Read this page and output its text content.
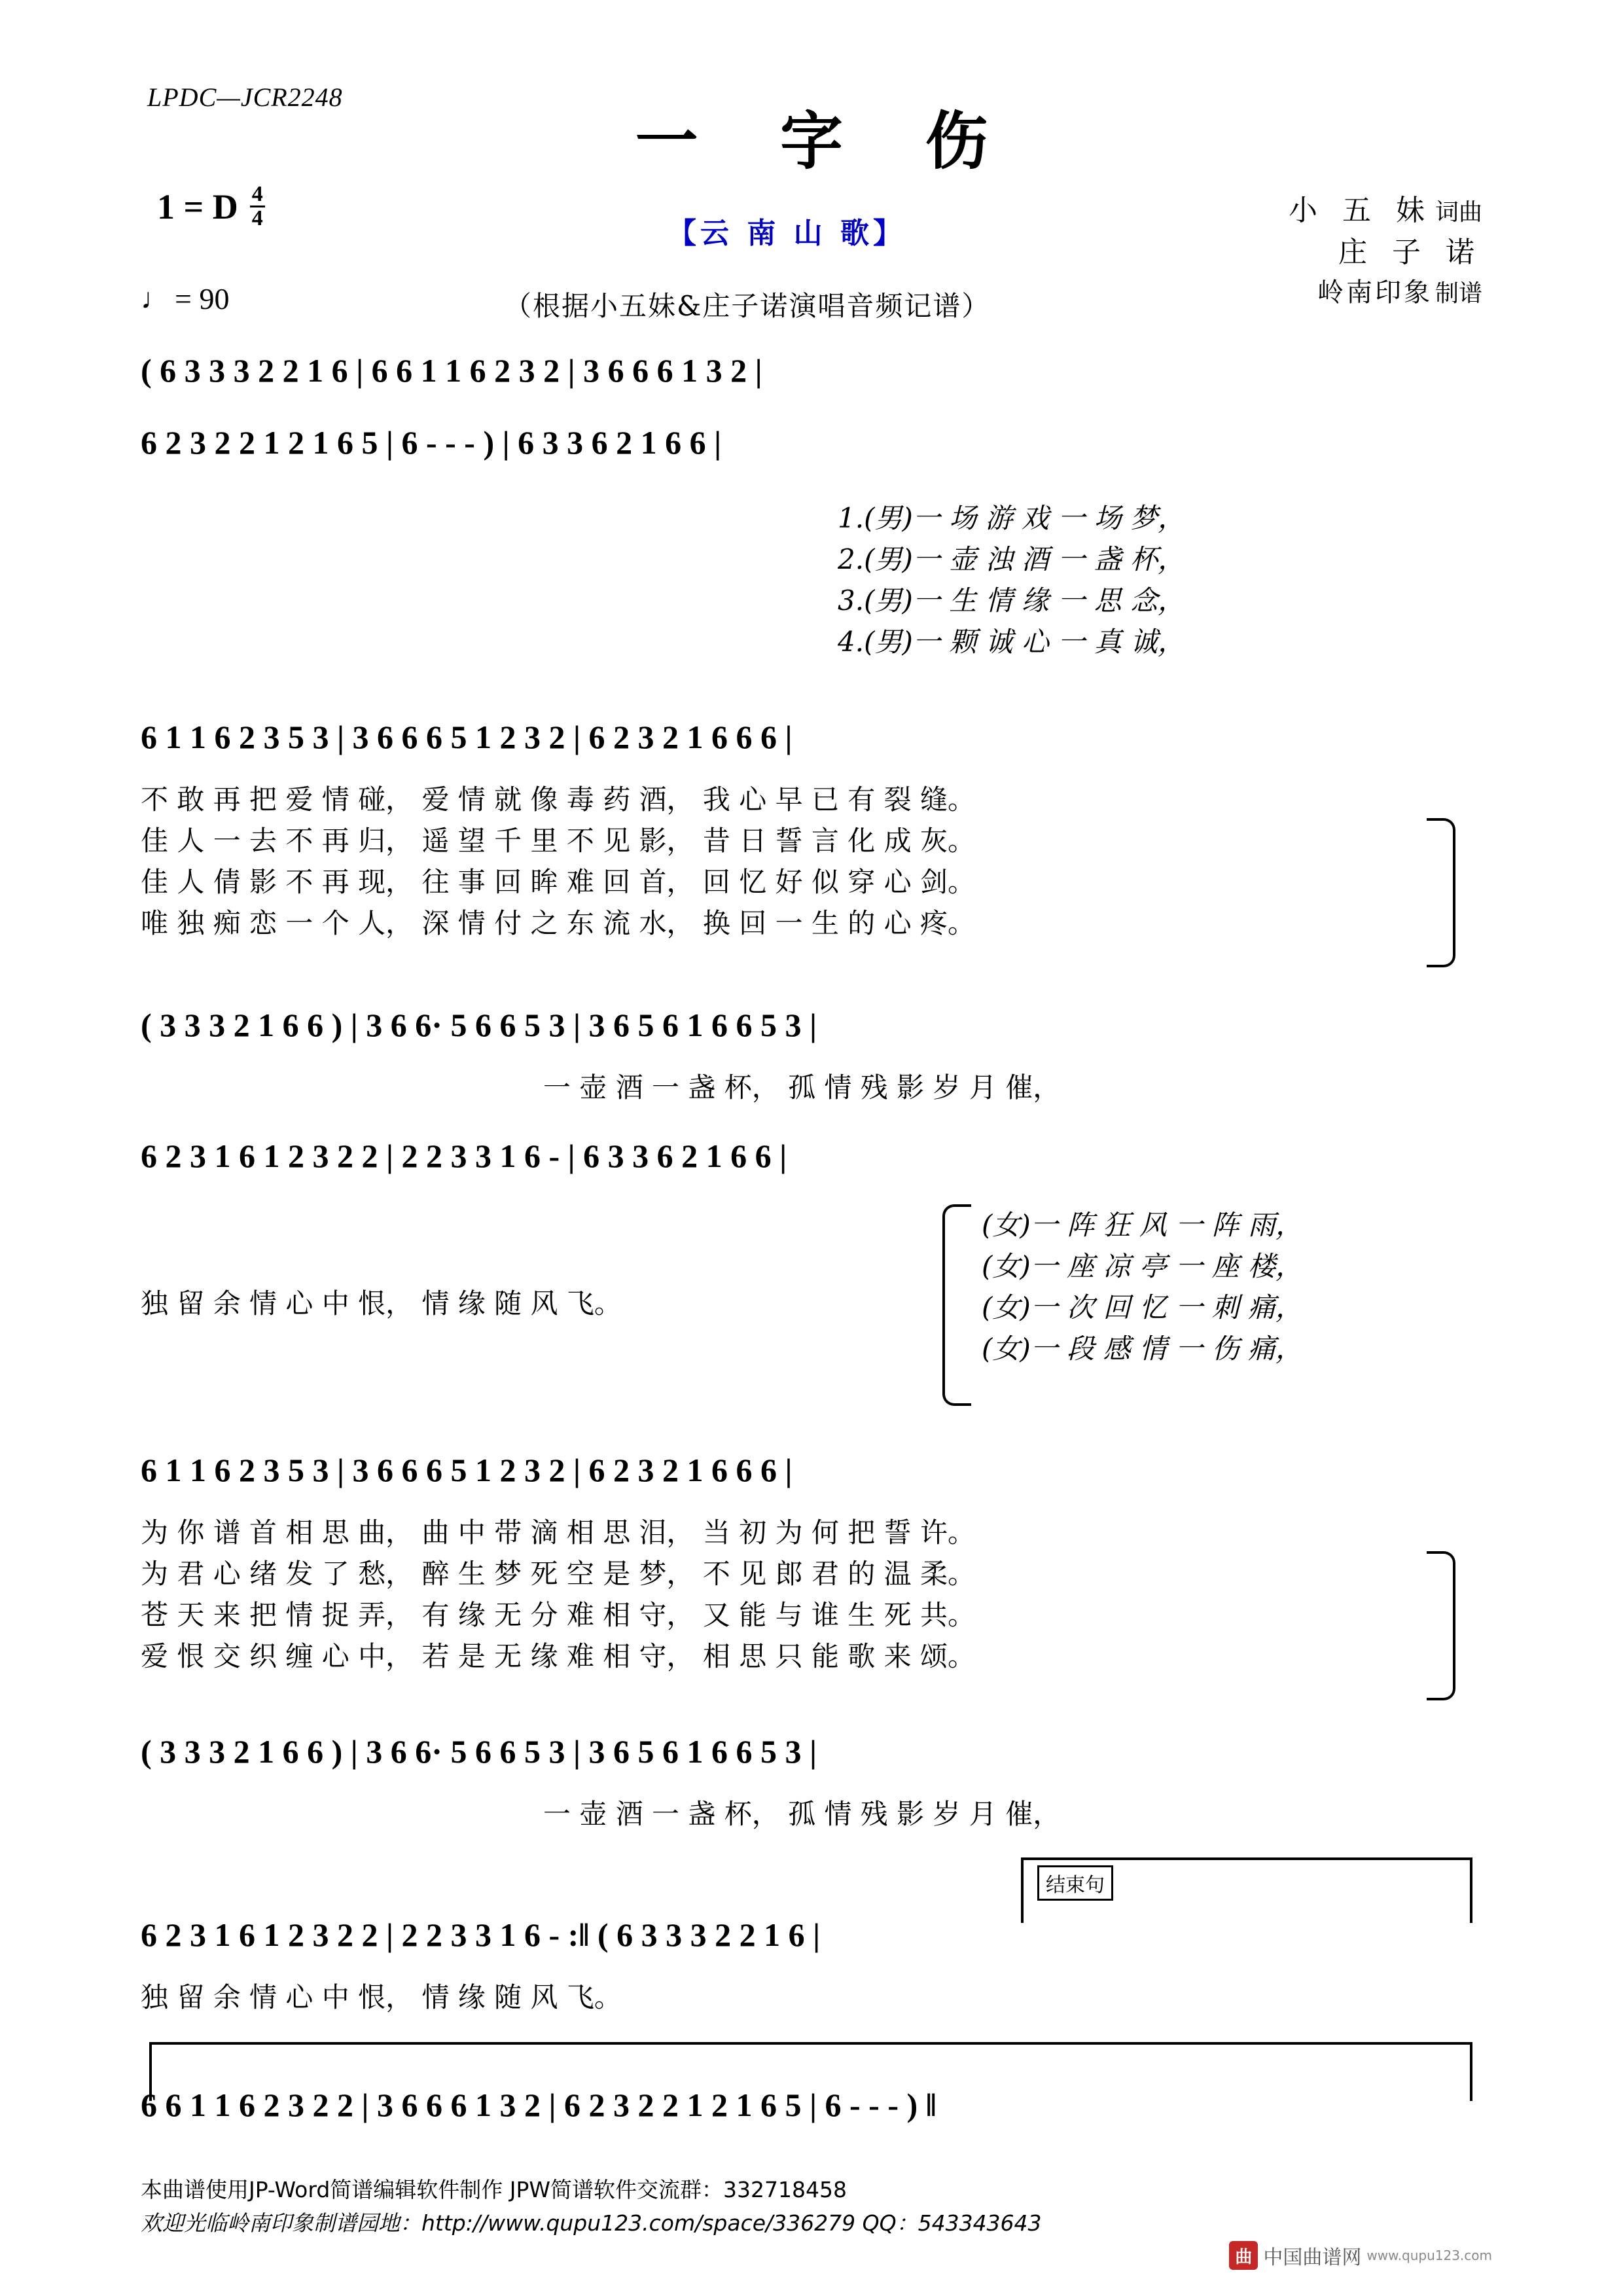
LPDC—JCR2248
一 字 伤
1 = D $\frac{4}{4}$
♩ = 90
【云 南 山 歌】
（根据小五妹&庄子诺演唱音频记谱）
小 五 妹 词曲
庄 子 诺
岭南印象 制谱
( 6 3 3 3 2 2 1 6 | 6 6 1 1 6 2 3 2 | 3 6 6 6 1 3 2 |
6 2 3 2 2 1 2 1 6 5 | 6 - - - ) | 6 3 3 6 2 1 6 6 |
1.(男)一 场 游 戏 一 场 梦，
2.(男)一 壶 浊 酒 一 盏 杯，
3.(男)一 生 情 缘 一 思 念，
4.(男)一 颗 诚 心 一 真 诚，
6 1 1 6 2 3 5 3 | 3 6 6 6 5 1 2 3 2 | 6 2 3 2 1 6 6 6 |
不 敢 再 把 爱 情 碰， 爱 情 就 像 毒 药 酒， 我 心 早 已 有 裂 缝。
佳 人 一 去 不 再 归， 遥 望 千 里 不 见 影， 昔 日 誓 言 化 成 灰。
佳 人 倩 影 不 再 现， 往 事 回 眸 难 回 首， 回 忆 好 似 穿 心 剑。
唯 独 痴 恋 一 个 人， 深 情 付 之 东 流 水， 换 回 一 生 的 心 疼。
( 3 3 3 2 1 6 6 ) | 3 6 6· 5 6 6 5 3 | 3 6 5 6 1 6 6 5 3 |
一 壶 酒 一 盏 杯， 孤 情 残 影 岁 月 催，
6 2 3 1 6 1 2 3 2 2 | 2 2 3 3 1 6 - | 6 3 3 6 2 1 6 6 |
独 留 余 情 心 中 恨， 情 缘 随 风 飞。
(女)一 阵 狂 风 一 阵 雨，
(女)一 座 凉 亭 一 座 楼，
(女)一 次 回 忆 一 刺 痛，
(女)一 段 感 情 一 伤 痛，
6 1 1 6 2 3 5 3 | 3 6 6 6 5 1 2 3 2 | 6 2 3 2 1 6 6 6 |
为 你 谱 首 相 思 曲， 曲 中 带 滴 相 思 泪， 当 初 为 何 把 誓 许。
为 君 心 绪 发 了 愁， 醉 生 梦 死 空 是 梦， 不 见 郎 君 的 温 柔。
苍 天 来 把 情 捉 弄， 有 缘 无 分 难 相 守， 又 能 与 谁 生 死 共。
爱 恨 交 织 缠 心 中， 若 是 无 缘 难 相 守， 相 思 只 能 歌 来 颂。
( 3 3 3 2 1 6 6 ) | 3 6 6· 5 6 6 5 3 | 3 6 5 6 1 6 6 5 3 |
一 壶 酒 一 盏 杯， 孤 情 残 影 岁 月 催，
结束句
6 2 3 1 6 1 2 3 2 2 | 2 2 3 3 1 6 - :‖ ( 6 3 3 3 2 2 1 6 |
独 留 余 情 心 中 恨， 情 缘 随 风 飞。
6 6 1 1 6 2 3 2 2 | 3 6 6 6 1 3 2 | 6 2 3 2 2 1 2 1 6 5 | 6 - - - ) ‖
本曲谱使用JP-Word简谱编辑软件制作 JPW简谱软件交流群：332718458
欢迎光临岭南印象制谱园地：http://www.qupu123.com/space/336279 QQ：543343643
曲 中国曲谱网 www.qupu123.com
